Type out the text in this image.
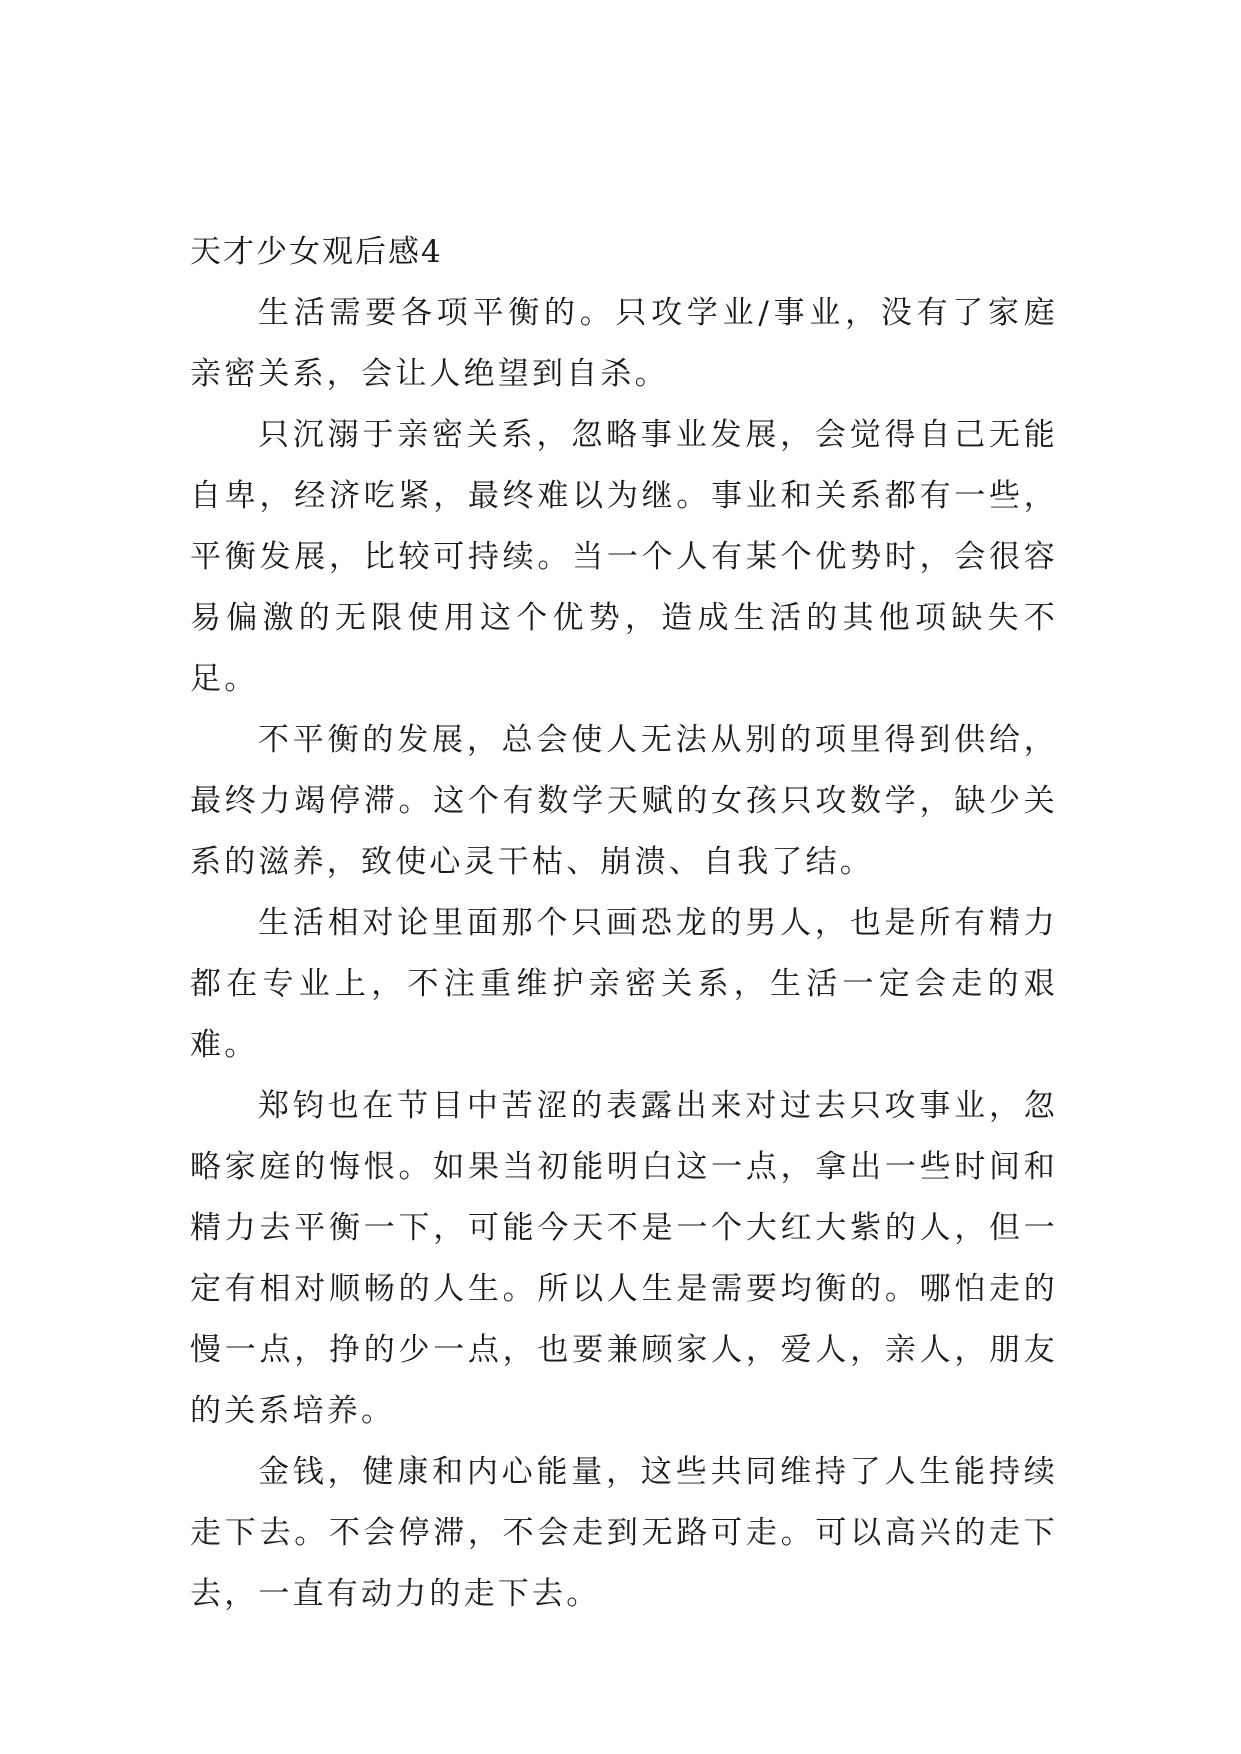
天才少女观后感4

生活需要各项平衡的。只攻学业/事业，没有了家庭亲密关系，会让人绝望到自杀。

只沉溺于亲密关系，忽略事业发展，会觉得自己无能自卑，经济吃紧，最终难以为继。事业和关系都有一些，平衡发展，比较可持续。当一个人有某个优势时，会很容易偏激的无限使用这个优势，造成生活的其他项缺失不足。

不平衡的发展，总会使人无法从别的项里得到供给，最终力竭停滞。这个有数学天赋的女孩只攻数学，缺少关系的滋养，致使心灵干枯、崩溃、自我了结。

生活相对论里面那个只画恐龙的男人，也是所有精力都在专业上，不注重维护亲密关系，生活一定会走的艰难。

郑钧也在节目中苦涩的表露出来对过去只攻事业，忽略家庭的悔恨。如果当初能明白这一点，拿出一些时间和精力去平衡一下，可能今天不是一个大红大紫的人，但一定有相对顺畅的人生。所以人生是需要均衡的。哪怕走的慢一点，挣的少一点，也要兼顾家人，爱人，亲人，朋友的关系培养。

金钱，健康和内心能量，这些共同维持了人生能持续走下去。不会停滞，不会走到无路可走。可以高兴的走下去，一直有动力的走下去。
